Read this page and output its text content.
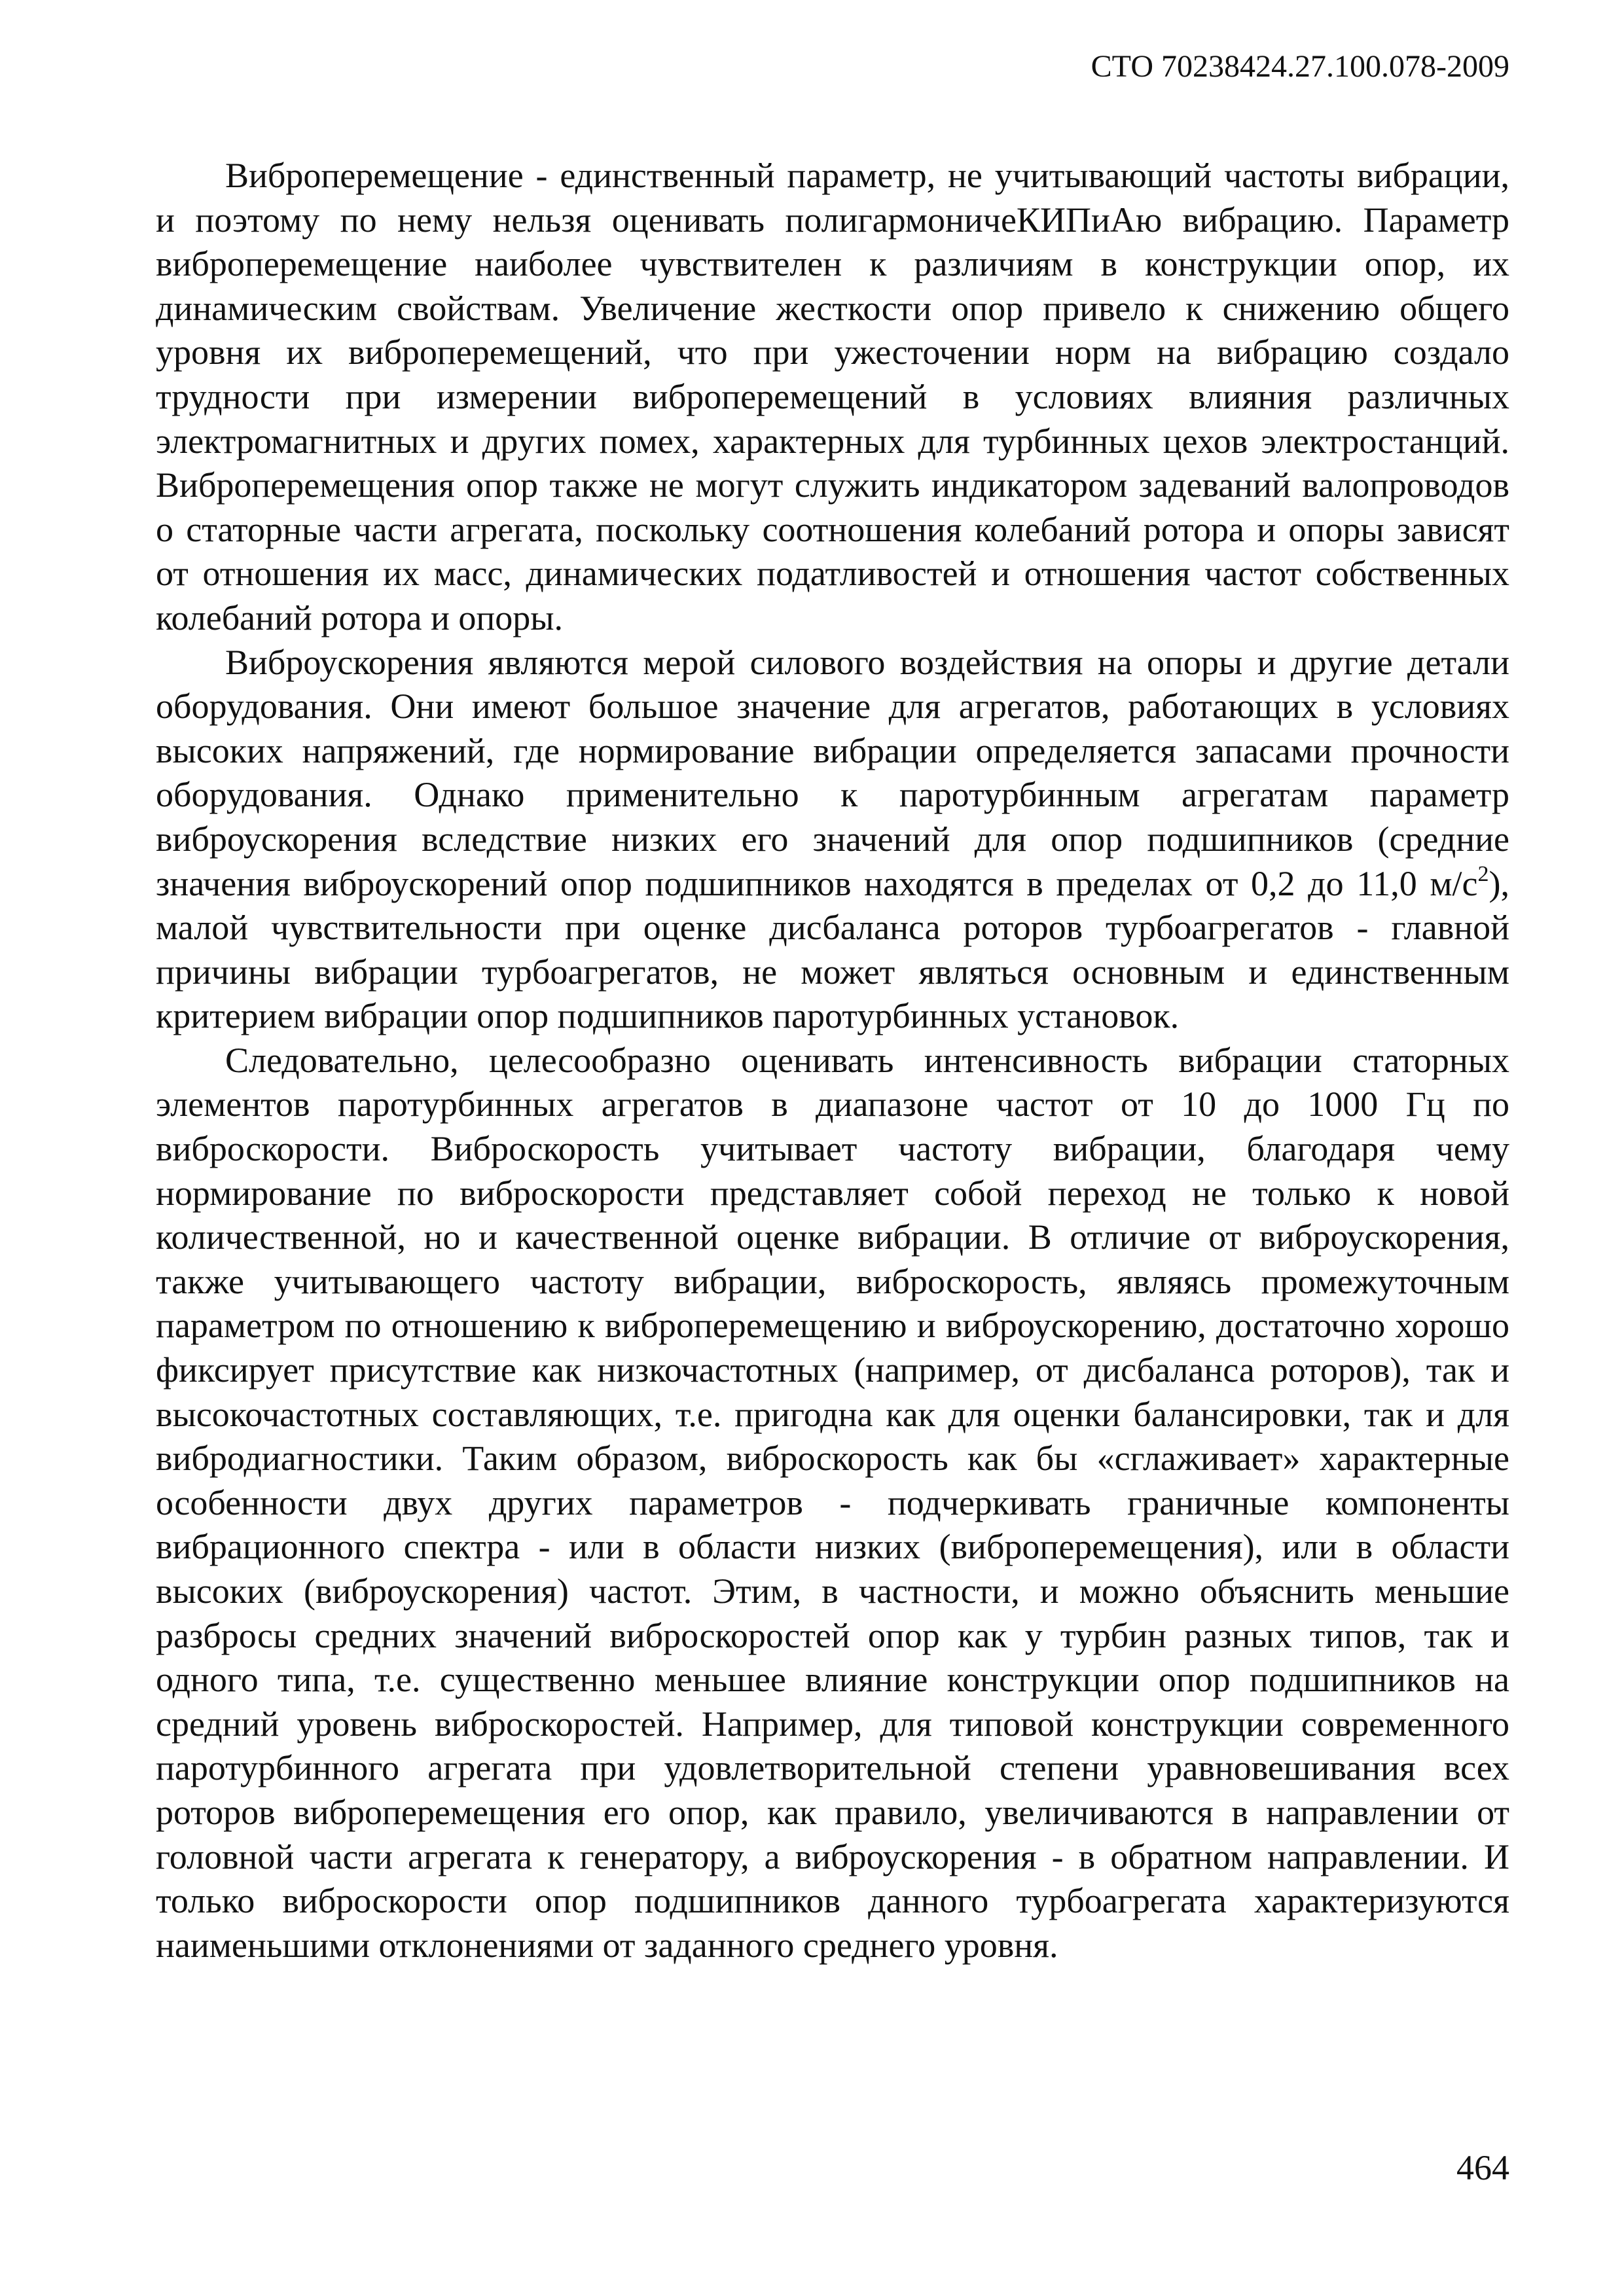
СТО 70238424.27.100.078-2009

Виброперемещение - единственный параметр, не учитывающий частоты вибрации, и поэтому по нему нельзя оценивать полигармоничеКИПиАю вибрацию. Параметр виброперемещение наиболее чувствителен к различиям в конструкции опор, их динамическим свойствам. Увеличение жесткости опор привело к снижению общего уровня их виброперемещений, что при ужесточении норм на вибрацию создало трудности при измерении виброперемещений в условиях влияния различных электромагнитных и других помех, характерных для турбинных цехов электростанций. Виброперемещения опор также не могут служить индикатором задеваний валопроводов о статорные части агрегата, поскольку соотношения колебаний ротора и опоры зависят от отношения их масс, динамических податливостей и отношения частот собственных колебаний ротора и опоры.

Виброускорения являются мерой силового воздействия на опоры и другие детали оборудования. Они имеют большое значение для агрегатов, работающих в условиях высоких напряжений, где нормирование вибрации определяется запасами прочности оборудования. Однако применительно к паротурбинным агрегатам параметр виброускорения вследствие низких его значений для опор подшипников (средние значения виброускорений опор подшипников находятся в пределах от 0,2 до 11,0 $м/с^2$), малой чувствительности при оценке дисбаланса роторов турбоагрегатов - главной причины вибрации турбоагрегатов, не может являться основным и единственным критерием вибрации опор подшипников паротурбинных установок.

Следовательно, целесообразно оценивать интенсивность вибрации статорных элементов паротурбинных агрегатов в диапазоне частот от 10 до 1000 Гц по виброскорости. Виброскорость учитывает частоту вибрации, благодаря чему нормирование по виброскорости представляет собой переход не только к новой количественной, но и качественной оценке вибрации. В отличие от виброускорения, также учитывающего частоту вибрации, виброскорость, являясь промежуточным параметром по отношению к виброперемещению и виброускорению, достаточно хорошо фиксирует присутствие как низкочастотных (например, от дисбаланса роторов), так и высокочастотных составляющих, т.е. пригодна как для оценки балансировки, так и для вибродиагностики. Таким образом, виброскорость как бы «сглаживает» характерные особенности двух других параметров - подчеркивать граничные компоненты вибрационного спектра - или в области низких (виброперемещения), или в области высоких (виброускорения) частот. Этим, в частности, и можно объяснить меньшие разбросы средних значений виброскоростей опор как у турбин разных типов, так и одного типа, т.е. существенно меньшее влияние конструкции опор подшипников на средний уровень виброскоростей. Например, для типовой конструкции современного паротурбинного агрегата при удовлетворительной степени уравновешивания всех роторов виброперемещения его опор, как правило, увеличиваются в направлении от головной части агрегата к генератору, а виброускорения - в обратном направлении. И только виброскорости опор подшипников данного турбоагрегата характеризуются наименьшими отклонениями от заданного среднего уровня.

464
